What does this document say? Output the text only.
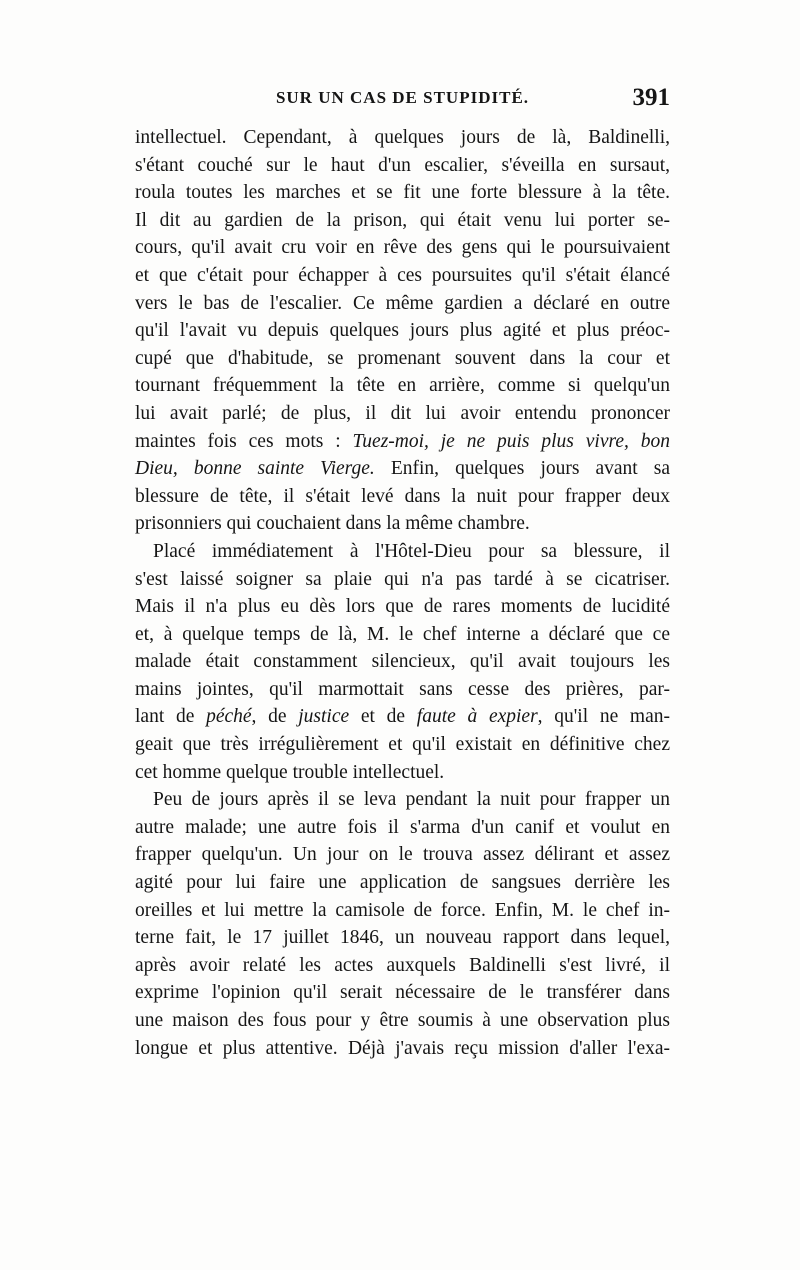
SUR UN CAS DE STUPIDITÉ.	391
intellectuel. Cependant, à quelques jours de là, Baldinelli,
s'étant couché sur le haut d'un escalier, s'éveilla en sursaut,
roula toutes les marches et se fit une forte blessure à la tête.
Il dit au gardien de la prison, qui était venu lui porter se-
cours, qu'il avait cru voir en rêve des gens qui le poursuivaient
et que c'était pour échapper à ces poursuites qu'il s'était élancé
vers le bas de l'escalier. Ce même gardien a déclaré en outre
qu'il l'avait vu depuis quelques jours plus agité et plus préoc-
cupé que d'habitude, se promenant souvent dans la cour et
tournant fréquemment la tête en arrière, comme si quelqu'un
lui avait parlé; de plus, il dit lui avoir entendu prononcer
maintes fois ces mots : Tuez-moi, je ne puis plus vivre, bon
Dieu, bonne sainte Vierge. Enfin, quelques jours avant sa
blessure de tête, il s'était levé dans la nuit pour frapper deux
prisonniers qui couchaient dans la même chambre.
Placé immédiatement à l'Hôtel-Dieu pour sa blessure, il
s'est laissé soigner sa plaie qui n'a pas tardé à se cicatriser.
Mais il n'a plus eu dès lors que de rares moments de lucidité
et, à quelque temps de là, M. le chef interne a déclaré que ce
malade était constamment silencieux, qu'il avait toujours les
mains jointes, qu'il marmottait sans cesse des prières, par-
lant de péché, de justice et de faute à expier, qu'il ne man-
geait que très irrégulièrement et qu'il existait en définitive chez
cet homme quelque trouble intellectuel.
Peu de jours après il se leva pendant la nuit pour frapper un
autre malade; une autre fois il s'arma d'un canif et voulut en
frapper quelqu'un. Un jour on le trouva assez délirant et assez
agité pour lui faire une application de sangsues derrière les
oreilles et lui mettre la camisole de force. Enfin, M. le chef in-
terne fait, le 17 juillet 1846, un nouveau rapport dans lequel,
après avoir relaté les actes auxquels Baldinelli s'est livré, il
exprime l'opinion qu'il serait nécessaire de le transférer dans
une maison des fous pour y être soumis à une observation plus
longue et plus attentive. Déjà j'avais reçu mission d'aller l'exa-
